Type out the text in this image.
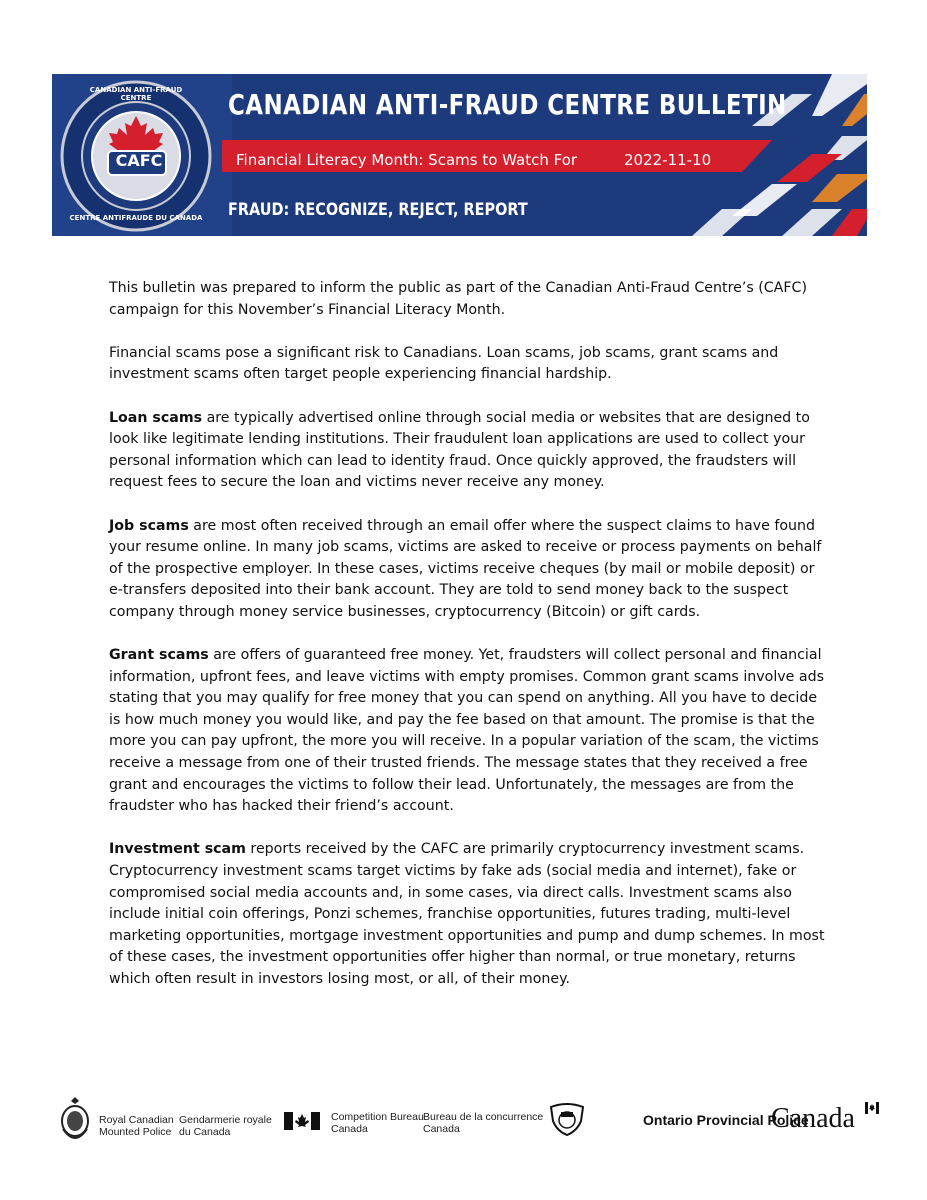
CANADIAN ANTI-FRAUD CENTRE BULLETIN
Financial Literacy Month: Scams to Watch For	2022-11-10
FRAUD: RECOGNIZE, REJECT, REPORT
CAFC
CANADIAN ANTI-FRAUD CENTRE
CENTRE ANTIFRAUDE DU CANADA

This bulletin was prepared to inform the public as part of the Canadian Anti-Fraud Centre’s (CAFC) campaign for this November’s Financial Literacy Month.

Financial scams pose a significant risk to Canadians. Loan scams, job scams, grant scams and investment scams often target people experiencing financial hardship.

Loan scams are typically advertised online through social media or websites that are designed to look like legitimate lending institutions. Their fraudulent loan applications are used to collect your personal information which can lead to identity fraud. Once quickly approved, the fraudsters will request fees to secure the loan and victims never receive any money.

Job scams are most often received through an email offer where the suspect claims to have found your resume online. In many job scams, victims are asked to receive or process payments on behalf of the prospective employer. In these cases, victims receive cheques (by mail or mobile deposit) or e-transfers deposited into their bank account. They are told to send money back to the suspect company through money service businesses, cryptocurrency (Bitcoin) or gift cards.

Grant scams are offers of guaranteed free money. Yet, fraudsters will collect personal and financial information, upfront fees, and leave victims with empty promises. Common grant scams involve ads stating that you may qualify for free money that you can spend on anything. All you have to decide is how much money you would like, and pay the fee based on that amount. The promise is that the more you can pay upfront, the more you will receive. In a popular variation of the scam, the victims receive a message from one of their trusted friends. The message states that they received a free grant and encourages the victims to follow their lead. Unfortunately, the messages are from the fraudster who has hacked their friend’s account.

Investment scam reports received by the CAFC are primarily cryptocurrency investment scams. Cryptocurrency investment scams target victims by fake ads (social media and internet), fake or compromised social media accounts and, in some cases, via direct calls. Investment scams also include initial coin offerings, Ponzi schemes, franchise opportunities, futures trading, multi-level marketing opportunities, mortgage investment opportunities and pump and dump schemes. In most of these cases, the investment opportunities offer higher than normal, or true monetary, returns which often result in investors losing most, or all, of their money.

Royal Canadian
Mounted Police
Gendarmerie royale
du Canada
Competition Bureau
Canada
Bureau de la concurrence
Canada
Ontario Provincial Police
Canada
